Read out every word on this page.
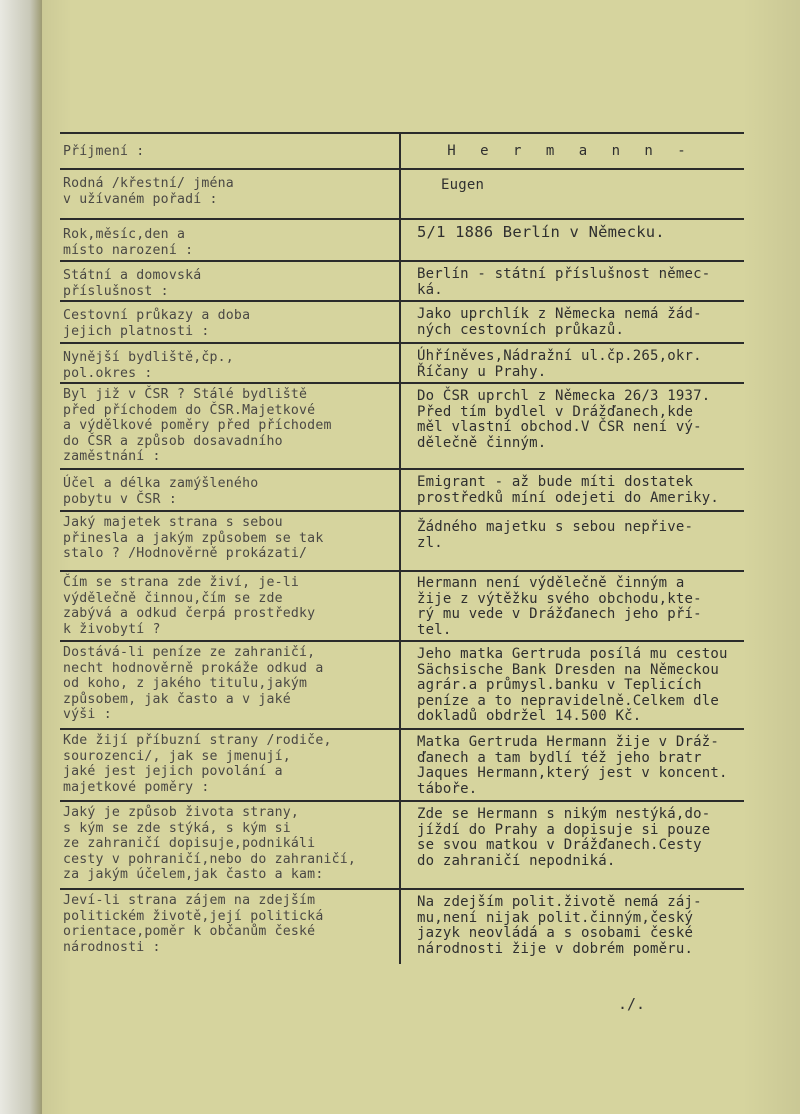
Příjmení :	H e r m a n n -
Rodná /křestní/ jména
v užívaném pořadí :
Eugen
Rok,měsíc,den a
místo narození :
5/1 1886 Berlín v Německu.
Státní a domovská
příslušnost :
Berlín - státní příslušnost němec-
ká.
Cestovní průkazy a doba
jejich platnosti :
Jako uprchlík z Německa nemá žád-
ných cestovních průkazů.
Nynější bydliště,čp.,
pol.okres :
Úhříněves,Nádražní ul.čp.265,okr.
Říčany u Prahy.
Byl již v ČSR ? Stálé bydliště
před příchodem do ČSR.Majetkové
a výdělkové poměry před příchodem
do ČSR a způsob dosavadního
zaměstnání :
Do ČSR uprchl z Německa 26/3 1937.
Před tím bydlel v Drážďanech,kde
měl vlastní obchod.V ČSR není vý-
dělečně činným.
Účel a délka zamýšleného
pobytu v ČSR :
Emigrant - až bude míti dostatek
prostředků míní odejeti do Ameriky.
Jaký majetek strana s sebou
přinesla a jakým způsobem se tak
stalo ? /Hodnověrně prokázati/
Žádného majetku s sebou nepřive-
zl.
Čím se strana zde živí, je-li
výdělečně činnou,čím se zde
zabývá a odkud čerpá prostředky
k živobytí ?
Hermann není výdělečně činným a
žije z výtěžku svého obchodu,kte-
rý mu vede v Drážďanech jeho pří-
tel.
Dostává-li peníze ze zahraničí,
necht hodnověrně prokáže odkud a
od koho, z jakého titulu,jakým
způsobem, jak často a v jaké
výši :
Jeho matka Gertruda posílá mu cestou
Sächsische Bank Dresden na Německou
agrár.a průmysl.banku v Teplicích
peníze a to nepravidelně.Celkem dle
dokladů obdržel 14.500 Kč.
Kde žijí příbuzní strany /rodiče,
sourozenci/, jak se jmenují,
jaké jest jejich povolání a
majetkové poměry :
Matka Gertruda Hermann žije v Dráž-
ďanech a tam bydlí též jeho bratr
Jaques Hermann,který jest v koncent.
táboře.
Jaký je způsob života strany,
s kým se zde stýká, s kým si
ze zahraničí dopisuje,podnikáli
cesty v pohraničí,nebo do zahraničí,
za jakým účelem,jak často a kam:
Zde se Hermann s nikým nestýká,do-
jíždí do Prahy a dopisuje si pouze
se svou matkou v Drážďanech.Cesty
do zahraničí nepodniká.
Jeví-li strana zájem na zdejším
politickém životě,její politická
orientace,poměr k občanům české
národnosti :
Na zdejším polit.životě nemá záj-
mu,není nijak polit.činným,český
jazyk neovládá a s osobami české
národnosti žije v dobrém poměru.
./.
